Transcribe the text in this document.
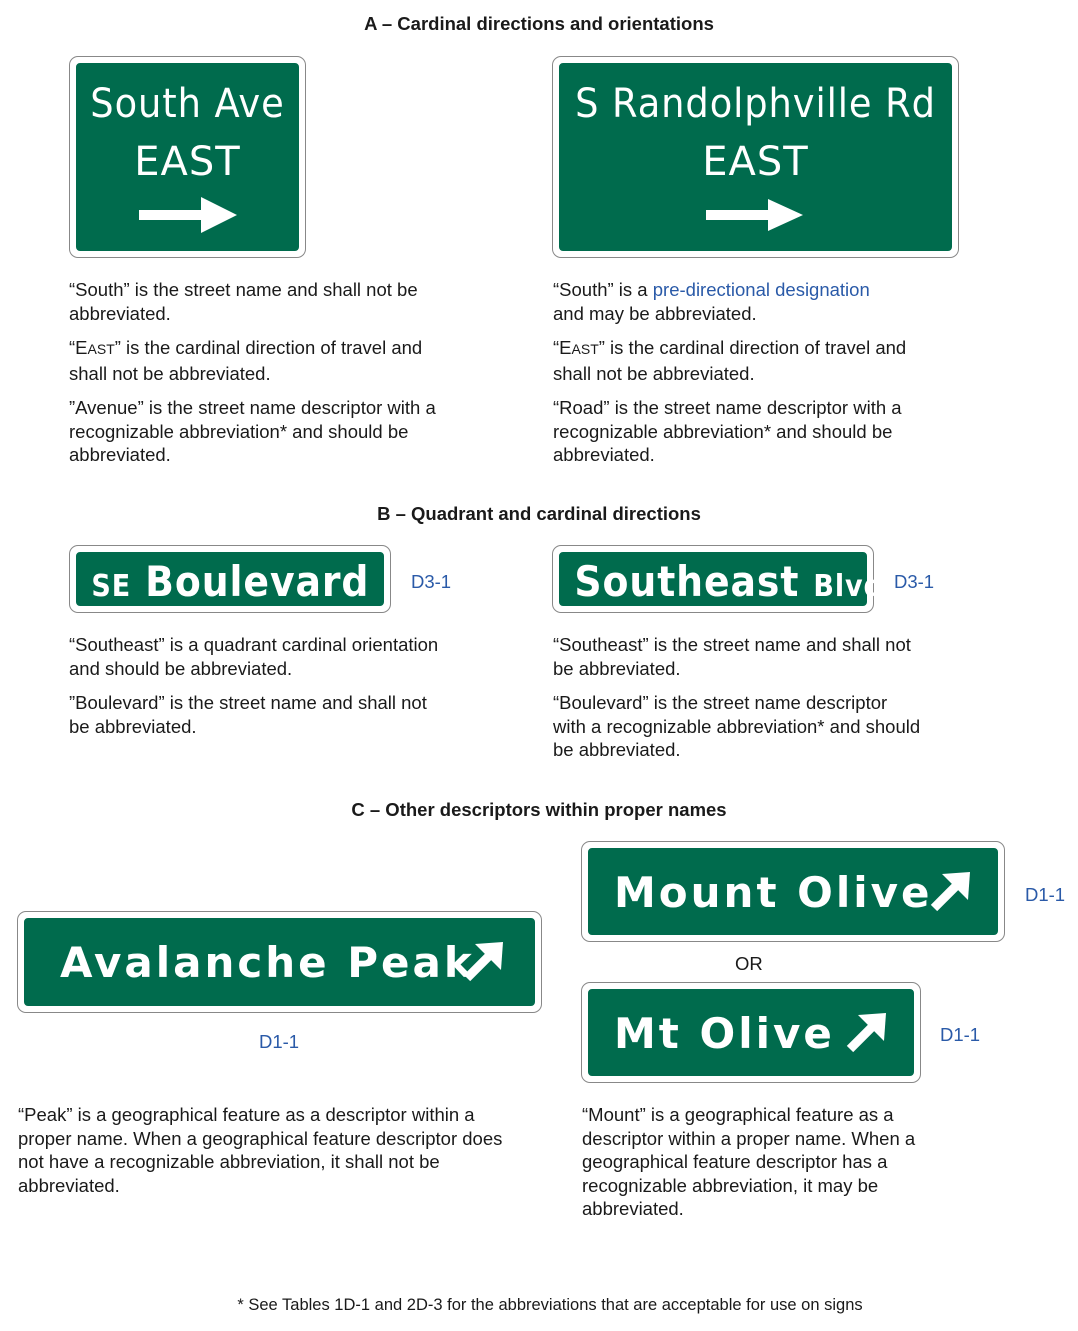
A – Cardinal directions and orientations
South Ave
EAST
S Randolphville Rd
EAST

“South” is the street name and shall not be abbreviated.

“EAST” is the cardinal direction of travel and shall not be abbreviated.

”Avenue” is the street name descriptor with a recognizable abbreviation* and should be abbreviated.

“South” is a pre-directional designation
and may be abbreviated.

“EAST” is the cardinal direction of travel and shall not be abbreviated.

“Road” is the street name descriptor with a recognizable abbreviation* and should be abbreviated.

B – Quadrant and cardinal directions
SE Boulevard D3-1	Southeast Blvd D3-1

“Southeast” is a quadrant cardinal orientation and should be abbreviated.

”Boulevard” is the street name and shall not be abbreviated.

“Southeast” is the street name and shall not be abbreviated.

“Boulevard” is the street name descriptor with a recognizable abbreviation* and should be abbreviated.

C – Other descriptors within proper names
Avalanche Peak
D1-1
Mount Olive	D1-1
OR
Mt Olive	D1-1

“Peak” is a geographical feature as a descriptor within a proper name. When a geographical feature descriptor does not have a recognizable abbreviation, it shall not be abbreviated.

“Mount” is a geographical feature as a descriptor within a proper name. When a geographical feature descriptor has a recognizable abbreviation, it may be abbreviated.

* See Tables 1D-1 and 2D-3 for the abbreviations that are acceptable for use on signs
